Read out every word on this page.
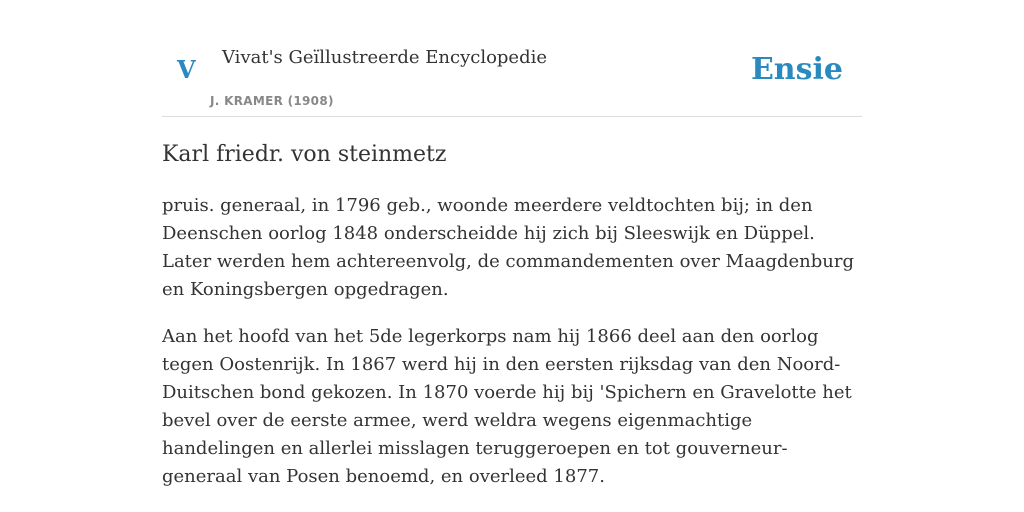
V Vivat's Geïllustreerde Encyclopedie
J. KRAMER (1908)
Ensie
Karl friedr. von steinmetz

pruis. generaal, in 1796 geb., woonde meerdere veldtochten bij; in den Deenschen oorlog 1848 onderscheidde hij zich bij Sleeswijk en Düppel. Later werden hem achtereenvolg, de commandementen over Maagdenburg en Koningsbergen opgedragen.

Aan het hoofd van het 5de legerkorps nam hij 1866 deel aan den oorlog tegen Oostenrijk. In 1867 werd hij in den eersten rijksdag van den Noord-Duitschen bond gekozen. In 1870 voerde hij bij 'Spichern en Gravelotte het bevel over de eerste armee, werd weldra wegens eigenmachtige handelingen en allerlei misslagen teruggeroepen en tot gouverneur-generaal van Posen benoemd, en overleed 1877.
